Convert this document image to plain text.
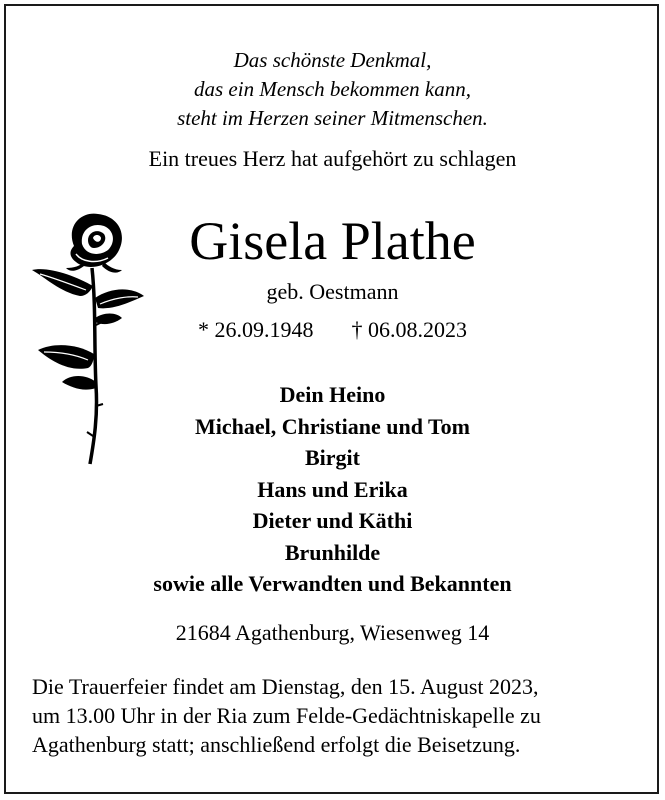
Das schönste Denkmal,
das ein Mensch bekommen kann,
steht im Herzen seiner Mitmenschen.
Ein treues Herz hat aufgehört zu schlagen
Gisela Plathe
geb. Oestmann
* 26.09.1948 † 06.08.2023
Dein Heino
Michael, Christiane und Tom
Birgit
Hans und Erika
Dieter und Käthi
Brunhilde
sowie alle Verwandten und Bekannten
21684 Agathenburg, Wiesenweg 14
Die Trauerfeier findet am Dienstag, den 15. August 2023,
um 13.00 Uhr in der Ria zum Felde-Gedächtniskapelle zu
Agathenburg statt; anschließend erfolgt die Beisetzung.
